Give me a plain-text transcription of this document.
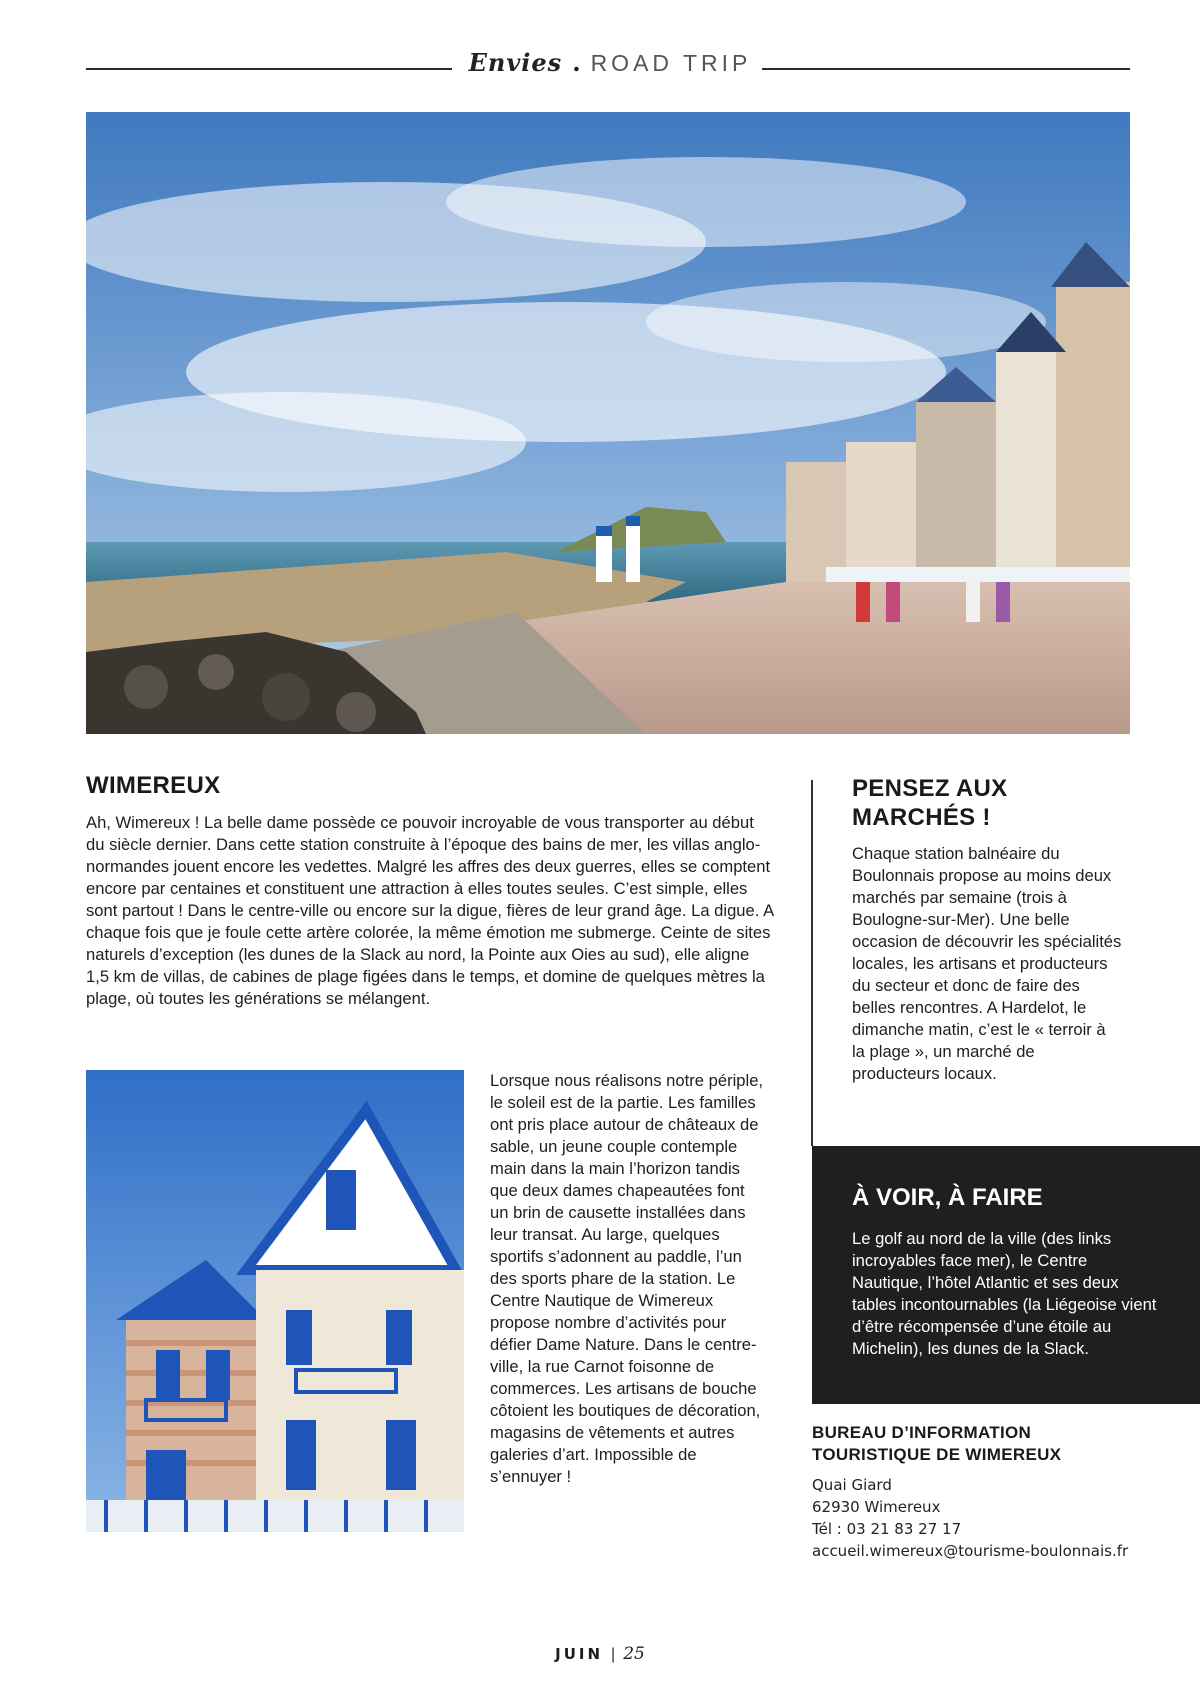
Envies . ROAD TRIP
WIMEREUX

Ah, Wimereux ! La belle dame possède ce pouvoir incroyable de vous transporter au début du siècle dernier. Dans cette station construite à l’époque des bains de mer, les villas anglo-normandes jouent encore les vedettes. Malgré les affres des deux guerres, elles se comptent encore par centaines et constituent une attraction à elles toutes seules. C’est simple, elles sont partout ! Dans le centre-ville ou encore sur la digue, fières de leur grand âge. La digue. A chaque fois que je foule cette artère colorée, la même émotion me submerge. Ceinte de sites naturels d’exception (les dunes de la Slack au nord, la Pointe aux Oies au sud), elle aligne 1,5 km de villas, de cabines de plage figées dans le temps, et domine de quelques mètres la plage, où toutes les générations se mélangent.

Lorsque nous réalisons notre périple, le soleil est de la partie. Les familles ont pris place autour de châteaux de sable, un jeune couple contemple main dans la main l’horizon tandis que deux dames chapeautées font un brin de causette installées dans leur transat. Au large, quelques sportifs s’adonnent au paddle, l’un des sports phare de la station. Le Centre Nautique de Wimereux propose nombre d’activités pour défier Dame Nature. Dans le centre-ville, la rue Carnot foisonne de commerces. Les artisans de bouche côtoient les boutiques de décoration, magasins de vêtements et autres galeries d’art. Impossible de s’ennuyer !

PENSEZ AUX
MARCHÉS !

Chaque station balnéaire du Boulonnais propose au moins deux marchés par semaine (trois à Boulogne-sur-Mer). Une belle occasion de découvrir les spécialités locales, les artisans et producteurs du secteur et donc de faire des belles rencontres. A Hardelot, le dimanche matin, c’est le « terroir à la plage », un marché de producteurs locaux.

À VOIR, À FAIRE

Le golf au nord de la ville (des links incroyables face mer), le Centre Nautique, l’hôtel Atlantic et ses deux tables incontournables (la Liégeoise vient d’être récompensée d’une étoile au Michelin), les dunes de la Slack.

BUREAU D’INFORMATION
TOURISTIQUE DE WIMEREUX
Quai Giard
62930 Wimereux
Tél : 03 21 83 27 17
accueil.wimereux@tourisme-boulonnais.fr
JUIN | 25
